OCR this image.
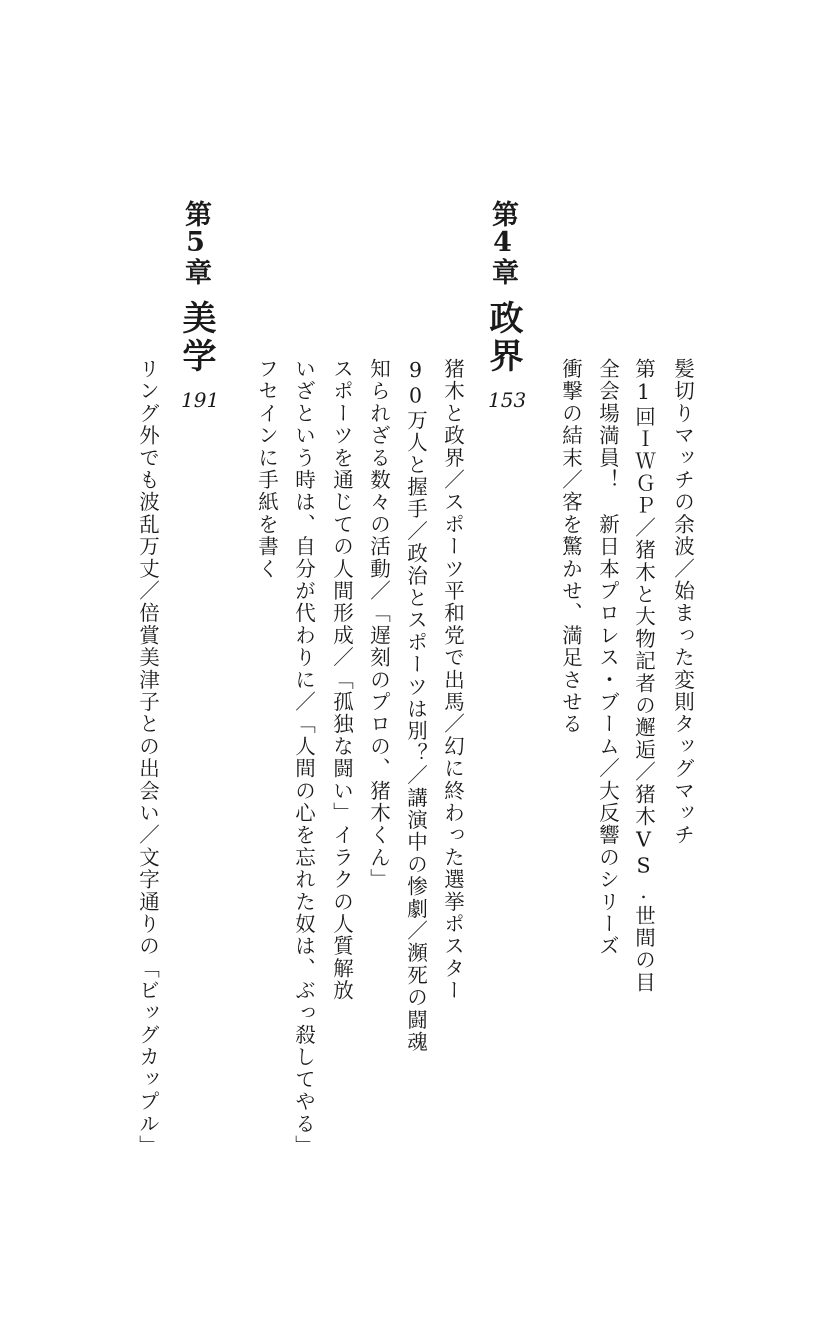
第4章
政界
153	髪切りマッチの余波／始まった変則タッグマッチ
第1回ＩＷＧＰ／猪木と大物記者の邂逅／猪木VS.世間の目
全会場満員！　新日本プロレス・ブーム／大反響のシリーズ
衝撃の結末／客を驚かせ、満足させる
第5章
美学
191	猪木と政界／スポーツ平和党で出馬／幻に終わった選挙ポスター
90万人と握手／政治とスポーツは別？／講演中の惨劇／瀕死の闘魂
知られざる数々の活動／「遅刻のプロの、猪木くん」
スポーツを通じての人間形成／「孤独な闘い」イラクの人質解放
いざという時は、自分が代わりに／「人間の心を忘れた奴は、ぶっ殺してやる」
フセインに手紙を書く
リング外でも波乱万丈／倍賞美津子との出会い／文字通りの「ビッグカップル」
